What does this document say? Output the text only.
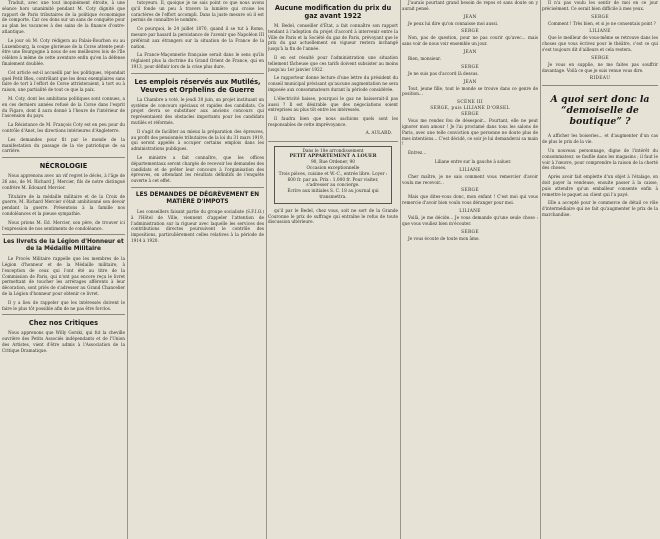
Traduit, avec une tout inopinément étroite, à une séance hors unanimité pendant M. Coty dignité que rapport de Paris tributaires de la politique économique de comporte. Car ces dons sur un sans de conquête pour au plan les vacances à des sains de la finance d'outre-atlantique.

Le jour où M. Coty rédigera au Palais-Bourbon ou au Luxembourg, la coupe glorieuse de la Corse attente peut-être une Bourgogne à nous de ses meilleures lois de l'île célèbre à même de cette aventure enfin qu'en la défense finalement doublée.

Cet article est-il accueilli par les politiques, répondait quel Petit Bleu, contrôlant que les deux exemplaires sans faire de tort à l'effort de Corse attristeraient, à tort ou à raison, une partialité de tout ce que la paix.

M. Coty, dont les ambitions politiques sont connues, a en ces derniers années refusé de la Corse dans l'esprit du Figaro, dont il aura donné à l'heure de l'intérieur de l'ascension du pays.

La Résistance de M. François Coty est en peu pour du contrôle d'Anet, les directions intérieures d'Angleterre.

Les demandes pour fit par le monde de la manifestation du passage de la vie patriotique de sa carrière.

NÉCROLOGIE

Nous apprenons avec un vif regret le décès, à l'âge de 26 ans, de M. Richard J. Mercier, fils de notre distingué confrère M. Edouard Mercier.

Titulaire de la médaille militaire et de la Croix de guerre, M. Richard Mercier s'était ambitionné son devoir pendant la guerre. Présentons à la famille nos condoléances et la pieuse sympathie.

Nous prions M. Ed. Mercier, son père, de trouver ici l'expression de nos sentiments de condoléance.

Les livrets de la Légion d'Honneur et de la Médaille Militaire

Le Procès Militaire rappelle que les membres de la Légion d'honneur et de la Médaille militaire, à l'exception de ceux qui l'ont été au titre de la Commission de Paris, qui n'ont pas encore reçu le livret permettant de toucher les arrérages afférents à leur décoration, sont priés de s'adresser au Grand Chancelier de la Légion d'honneur pour obtenir ce livret.

Il y a lieu de rappeler que les intéressés doivent le faire le plus tôt possible afin de ne pas être forclos.

Chez nos Critiques

Nous apprenons que Willy Gorski, qui fut la cheville ouvrière des Petits Associés indépendants et de l'Union des Artistes, vient d'être admis à l'Association de la Critique Dramatique.

tutoyeurs. Il, quoique je ne sais point ce que nous avons qu'il fonde un peu à travers la lumière qui croise les caractères de l'effort accompli. Dans la juste mesure où il est permis de connaître le nombre.

Ce pourquoi, le 24 juillet 1870, quand il se tut à Rome, mesure par hasard la persistance de l'avenir que Napoléon III préférait aux étrangers sur la situation de la France de la nation.

La France-Maçonnerie française serait dans le sens qu'ils réglaient plus la doctrine du Grand Orient de France, qui en 1913, pour définir lors de la crise plus dure.

Les emplois réservés aux Mutilés, Veuves et Orphelins de Guerre

La Chambre a voté, le jeudi 30 juin, un projet instituant un système de concours spéciaux et rapides des candidats. Ce projet devra se substituer aux anciens concours qui représentaient des obstacles importants pour les candidats mutilés et réformés.

Il s'agit de faciliter au mieux la préparation des épreuves, au profit des pensionnés tributaires de la loi du 31 mars 1919, qui seront appelés à occuper certains emplois dans les administrations publiques.

Le ministre a fait connaître, que les offices départementaux seront chargés de recevoir les demandes des candidats et de prêter leur concours à l'organisation des épreuves, en attendant les résultats définitifs de l'enquête ouverte à cet effet.

LES DEMANDES DE DÉGRÈVEMENT EN MATIÈRE D'IMPOTS

Les conseillers faisant partie du groupe socialiste (S.F.I.O.) à l'Hôtel de Ville, viennent d'appeler l'attention de l'administration sur la rigueur avec laquelle les services des contributions directes poursuivent le contrôle des impositions, particulièrement celles relatives à la période de 1914 à 1920.

Aucune modification du prix du gaz avant 1922

M. Bedel, conseiller d'État, a fait connaître son rapport tendant à l'adoption du projet d'accord à intervenir entre la Ville de Paris et la Société du gaz de Paris, prévoyant que le prix du gaz actuellement en vigueur restera inchangé jusqu'à la fin de l'année.

Il en est résulté pour l'administration une situation tellement fâcheuse que ces tarifs doivent subsister au moins jusqu'au 1er janvier 1922.

Le rapporteur donne lecture d'une lettre du président du conseil municipal précisant qu'aucune augmentation ne sera imposée aux consommateurs durant la période considérée.

L'électricité baisse, pourquoi le gaz ne baisserait-il pas aussi ? Il est désirable que des négociations soient entreprises au plus tôt entre les intéressés.

Il faudra bien que nous sachions quels sont les responsables de cette imprévoyance.

A. AULARD.
Dans le 18e arrondissement
PETIT APPARTEMENT A LOUER
90, Rue Ordener, 90
Occasion exceptionnelle
Trois pièces, cuisine et W.-C., entrée libre. Loyer : 600 fr. par an. Prix : 1.000 fr. Pour visiter, s'adresser au concierge.
Écrire aux initiales S. C. 18 au journal qui transmettra.

qu'il par le Bedel, chez vous, soit ne sort de la Grande Couronne le prix de suffrage qui entraîne le refus de toute discussion ultérieure.

J'aurais pourtant grand besoin de repos et sans doute on y aurait pensé.

JEAN

Je peux lui dire qu'on connaisse moi aussi.

SERGE

Non, pas de question, pour ne pas courir qu'avec... mais sans voir de nous voir ensemble un jour.

JEAN

Rien, monsieur.

SERGE

Je ne suis pas d'accord là dessus.

JEAN

Tout, jeune fille, tout le monde se trouve dans ce genre de position...

SCÈNE III
SERGE, puis LILIANE D'ORSEL
SERGE

Vous me rendez fou de désespoir... Pourtant, elle ne peut ignorer mon amour ! Je l'ai proclamé dans tous les salons de Paris, avec une telle conviction que personne ne doute plus de mes intentions... C'est décidé, ce soir je lui demanderai sa main !

Entrez...

Liliane entre sur la gauche à saluer.

LILIANE

Cher maître, je ne sais comment vous remercier d'avoir voulu me recevoir...

SERGE

Mais que dites-vous donc, mon enfant ! C'est moi qui vous remercie d'avoir bien voulu vous déranger pour moi.

LILIANE

Voilà, je me décide... Je vous demande qu'une seule chose : que vous vouliez bien m'écouter.

SERGE

Je vous écoute de toute mon âme.

Il n'a pas voulu les sentir de moi en ce jour précisément. Ce serait bien difficile à mes yeux.

SERGE

Comment ! Très bien, et si je ne consentais point ?

LILIANE

Que le meilleur de vous-même se retrouve dans les choses que vous écrivez pour le théâtre, c'est ce qui s'est toujours dit d'ailleurs et cela restera.

SERGE

Je vous en supplie, ne me faites pas souffrir davantage. Voilà ce que je suis venue vous dire.

RIDEAU
A quoi sert donc la “demoiselle de boutique” ?

A afficher les boiseries... et d'augmenter d'un cas de plus le prix de la vie.

Un nouveau personnage, digne de l'intérêt du consommateur, se faufile dans les magasins ; il faut le voir à l'œuvre, pour comprendre la raison de la cherté des choses.

Après avoir fait emplette d'un objet à l'étalage, on doit payer la vendeuse, ensuite passer à la caisse, puis attendre qu'un emballeur consente enfin à remettre le paquet au client qui l'a payé.

Elle a accepté pour le commerce de détail ce rôle d'intermédiaire qui ne fait qu'augmenter le prix de la marchandise.
